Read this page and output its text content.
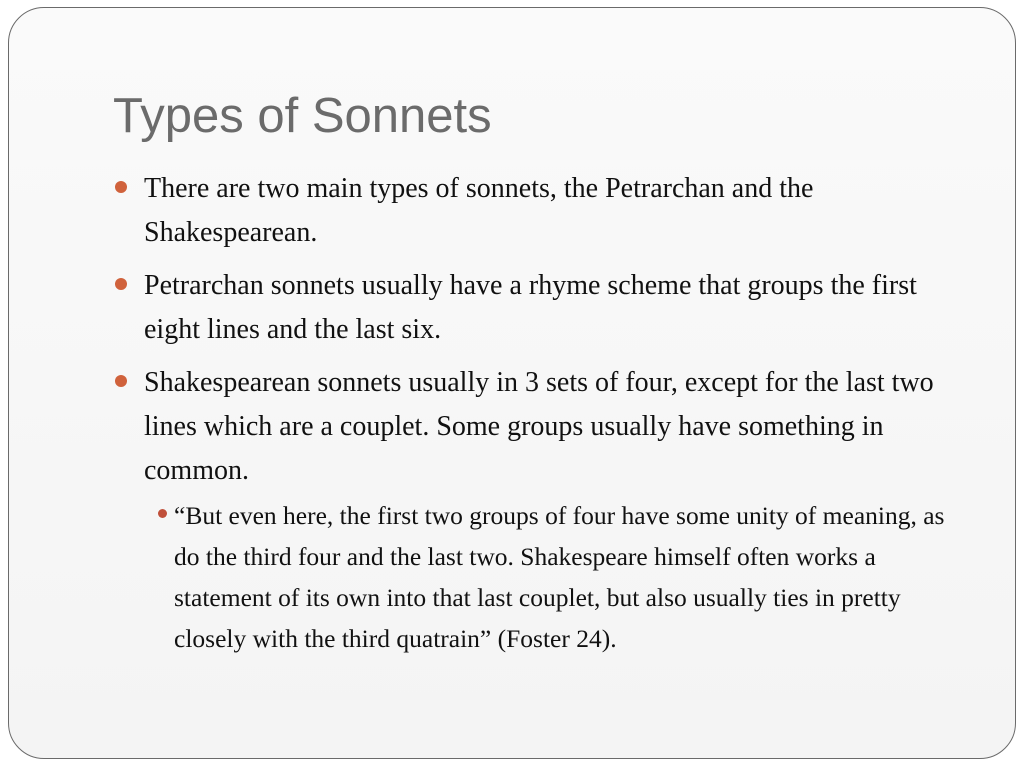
Types of Sonnets
There are two main types of sonnets, the Petrarchan and the Shakespearean.
Petrarchan sonnets usually have a rhyme scheme that groups the first eight lines and the last six.
Shakespearean sonnets usually in 3 sets of four, except for the last two lines which are a couplet. Some groups usually have something in common.
“But even here, the first two groups of four have some unity of meaning, as do the third four and the last two. Shakespeare himself often works a statement of its own into that last couplet, but also usually ties in pretty closely with the third quatrain” (Foster 24).
